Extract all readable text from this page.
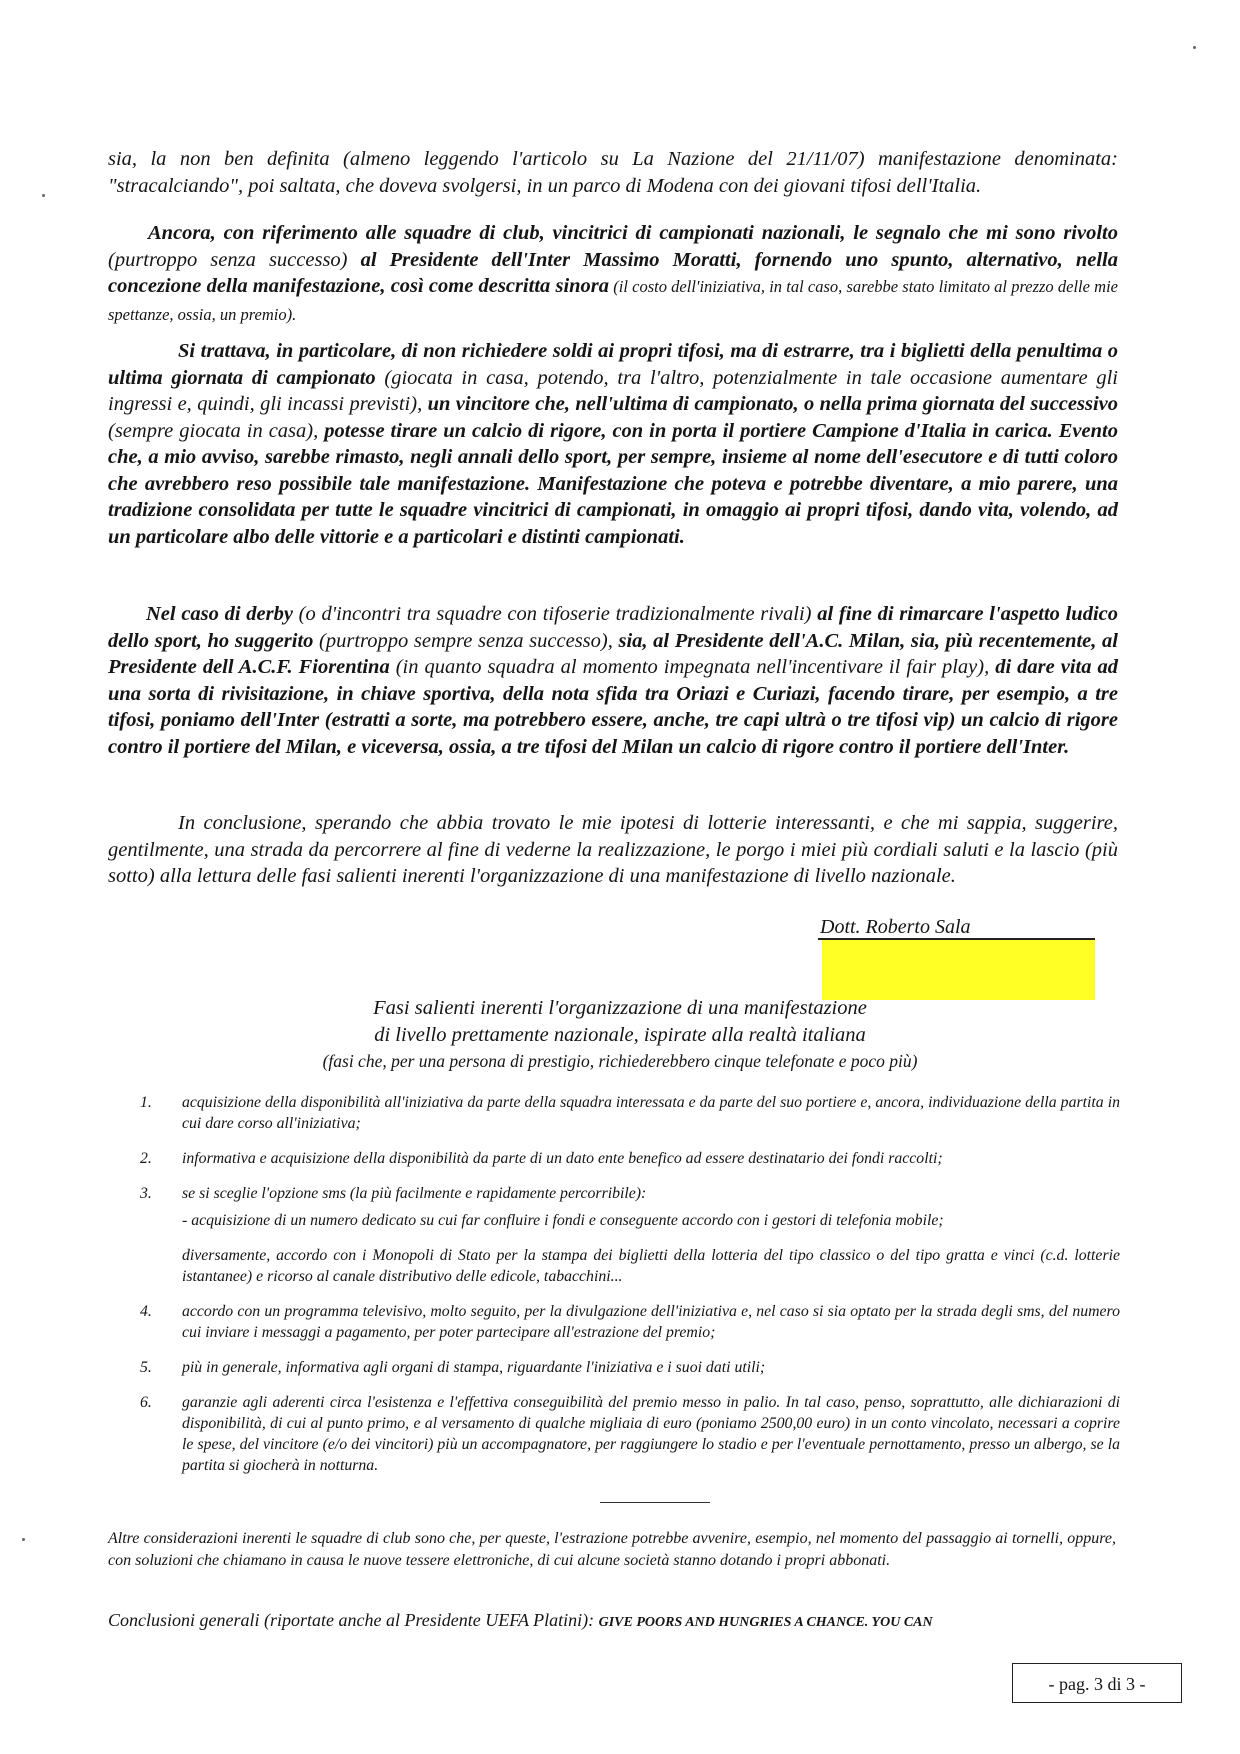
sia, la non ben definita (almeno leggendo l'articolo su La Nazione del 21/11/07) manifestazione denominata: "stracalciando", poi saltata, che doveva svolgersi, in un parco di Modena con dei giovani tifosi dell'Italia.

Ancora, con riferimento alle squadre di club, vincitrici di campionati nazionali, le segnalo che mi sono rivolto (purtroppo senza successo) al Presidente dell'Inter Massimo Moratti, fornendo uno spunto, alternativo, nella concezione della manifestazione, così come descritta sinora (il costo dell'iniziativa, in tal caso, sarebbe stato limitato al prezzo delle mie spettanze, ossia, un premio).

Si trattava, in particolare, di non richiedere soldi ai propri tifosi, ma di estrarre, tra i biglietti della penultima o ultima giornata di campionato (giocata in casa, potendo, tra l'altro, potenzialmente in tale occasione aumentare gli ingressi e, quindi, gli incassi previsti), un vincitore che, nell'ultima di campionato, o nella prima giornata del successivo (sempre giocata in casa), potesse tirare un calcio di rigore, con in porta il portiere Campione d'Italia in carica. Evento che, a mio avviso, sarebbe rimasto, negli annali dello sport, per sempre, insieme al nome dell'esecutore e di tutti coloro che avrebbero reso possibile tale manifestazione. Manifestazione che poteva e potrebbe diventare, a mio parere, una tradizione consolidata per tutte le squadre vincitrici di campionati, in omaggio ai propri tifosi, dando vita, volendo, ad un particolare albo delle vittorie e a particolari e distinti campionati.

Nel caso di derby (o d'incontri tra squadre con tifoserie tradizionalmente rivali) al fine di rimarcare l'aspetto ludico dello sport, ho suggerito (purtroppo sempre senza successo), sia, al Presidente dell'A.C. Milan, sia, più recentemente, al Presidente dell A.C.F. Fiorentina (in quanto squadra al momento impegnata nell'incentivare il fair play), di dare vita ad una sorta di rivisitazione, in chiave sportiva, della nota sfida tra Oriazi e Curiazi, facendo tirare, per esempio, a tre tifosi, poniamo dell'Inter (estratti a sorte, ma potrebbero essere, anche, tre capi ultrà o tre tifosi vip) un calcio di rigore contro il portiere del Milan, e viceversa, ossia, a tre tifosi del Milan un calcio di rigore contro il portiere dell'Inter.

In conclusione, sperando che abbia trovato le mie ipotesi di lotterie interessanti, e che mi sappia, suggerire, gentilmente, una strada da percorrere al fine di vederne la realizzazione, le porgo i miei più cordiali saluti e la lascio (più sotto) alla lettura delle fasi salienti inerenti l'organizzazione di una manifestazione di livello nazionale.

Dott. Roberto Sala

Fasi salienti inerenti l'organizzazione di una manifestazione

di livello prettamente nazionale, ispirate alla realtà italiana

(fasi che, per una persona di prestigio, richiederebbero cinque telefonate e poco più)

1. acquisizione della disponibilità all'iniziativa da parte della squadra interessata e da parte del suo portiere e, ancora, individuazione della partita in cui dare corso all'iniziativa;
2. informativa e acquisizione della disponibilità da parte di un dato ente benefico ad essere destinatario dei fondi raccolti;
3. se si sceglie l'opzione sms (la più facilmente e rapidamente percorribile):
- acquisizione di un numero dedicato su cui far confluire i fondi e conseguente accordo con i gestori di telefonia mobile;
diversamente, accordo con i Monopoli di Stato per la stampa dei biglietti della lotteria del tipo classico o del tipo gratta e vinci (c.d. lotterie istantanee) e ricorso al canale distributivo delle edicole, tabacchini...
4. accordo con un programma televisivo, molto seguito, per la divulgazione dell'iniziativa e, nel caso si sia optato per la strada degli sms, del numero cui inviare i messaggi a pagamento, per poter partecipare all'estrazione del premio;
5. più in generale, informativa agli organi di stampa, riguardante l'iniziativa e i suoi dati utili;
6. garanzie agli aderenti circa l'esistenza e l'effettiva conseguibilità del premio messo in palio. In tal caso, penso, soprattutto, alle dichiarazioni di disponibilità, di cui al punto primo, e al versamento di qualche migliaia di euro (poniamo 2500,00 euro) in un conto vincolato, necessari a coprire le spese, del vincitore (e/o dei vincitori) più un accompagnatore, per raggiungere lo stadio e per l'eventuale pernottamento, presso un albergo, se la partita si giocherà in notturna.

Altre considerazioni inerenti le squadre di club sono che, per queste, l'estrazione potrebbe avvenire, esempio, nel momento del passaggio ai tornelli, oppure, con soluzioni che chiamano in causa le nuove tessere elettroniche, di cui alcune società stanno dotando i propri abbonati.

Conclusioni generali (riportate anche al Presidente UEFA Platini): GIVE POORS AND HUNGRIES A CHANCE. YOU CAN

- pag. 3 di 3 -
